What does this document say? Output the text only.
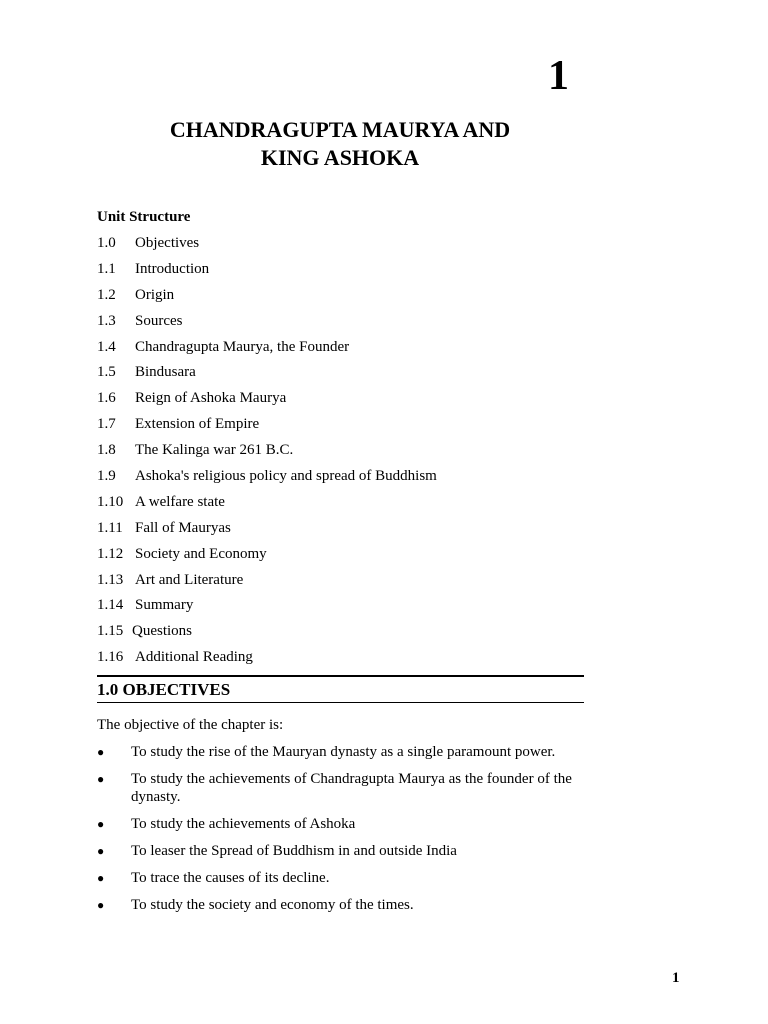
1
CHANDRAGUPTA MAURYA AND
KING ASHOKA
Unit Structure
1.0 Objectives
1.1 Introduction
1.2 Origin
1.3 Sources
1.4 Chandragupta Maurya, the Founder
1.5 Bindusara
1.6 Reign of Ashoka Maurya
1.7 Extension of Empire
1.8 The Kalinga war 261 B.C.
1.9 Ashoka's religious policy and spread of Buddhism
1.10 A welfare state
1.11 Fall of Mauryas
1.12 Society and Economy
1.13 Art and Literature
1.14 Summary
1.15 Questions
1.16 Additional Reading
1.0 OBJECTIVES
The objective of the chapter is:
● To study the rise of the Mauryan dynasty as a single paramount power.
● To study the achievements of Chandragupta Maurya as the founder of the dynasty.
● To study the achievements of Ashoka
● To leaser the Spread of Buddhism in and outside India
● To trace the causes of its decline.
● To study the society and economy of the times.
1
